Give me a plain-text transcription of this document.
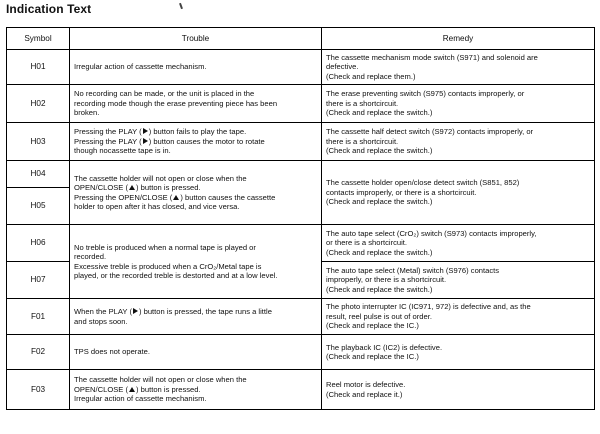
Indication Text
Symbol	Trouble	Remedy
H01	Irregular action of cassette mechanism.	The cassette mechanism mode switch (S971) and solenoid are
defective.
(Check and replace them.)

H02	No recording can be made, or the unit is placed in the
recording mode though the erase preventing piece has been
broken.	The erase preventing switch (S975) contacts improperly, or
there is a shortcircuit.
(Check and replace the switch.)

H03	Pressing the PLAY ( ) button fails to play the tape.
Pressing the PLAY ( ) button causes the motor to rotate
though nocassette tape is in.	The cassette half detect switch (S972) contacts improperly, or
there is a shortcircuit.
(Check and replace the switch.)

H04	The cassette holder will not open or close when the
OPEN/CLOSE ( ) button is pressed.
Pressing the OPEN/CLOSE ( ) button causes the cassette
holder to open after it has closed, and vice versa.	The cassette holder open/close detect switch (S851, 852)
contacts improperly, or there is a shortcircuit.
(Check and replace the switch.)

H05		
H06	No treble is produced when a normal tape is played or
recorded.
Excessive treble is produced when a CrO₂/Metal tape is
played, or the recorded treble is destorted and at a low level.	The auto tape select (CrO₂) switch (S973) contacts improperly,
or there is a shortcircuit.
(Check and replace the switch.)

H07		The auto tape select (Metal) switch (S976) contacts
improperly, or there is a shortcircuit.
(Check and replace the switch.)

F01	When the PLAY ( ) button is pressed, the tape runs a little
and stops soon.	The photo interrupter IC (IC971, 972) is defective and, as the
result, reel pulse is out of order.
(Check and replace the IC.)

F02	TPS does not operate.	The playback IC (IC2) is defective.
(Check and replace the IC.)

F03	The cassette holder will not open or close when the
OPEN/CLOSE ( ) button is pressed.
Irregular action of cassette mechanism.	Reel motor is defective.
(Check and replace it.)
